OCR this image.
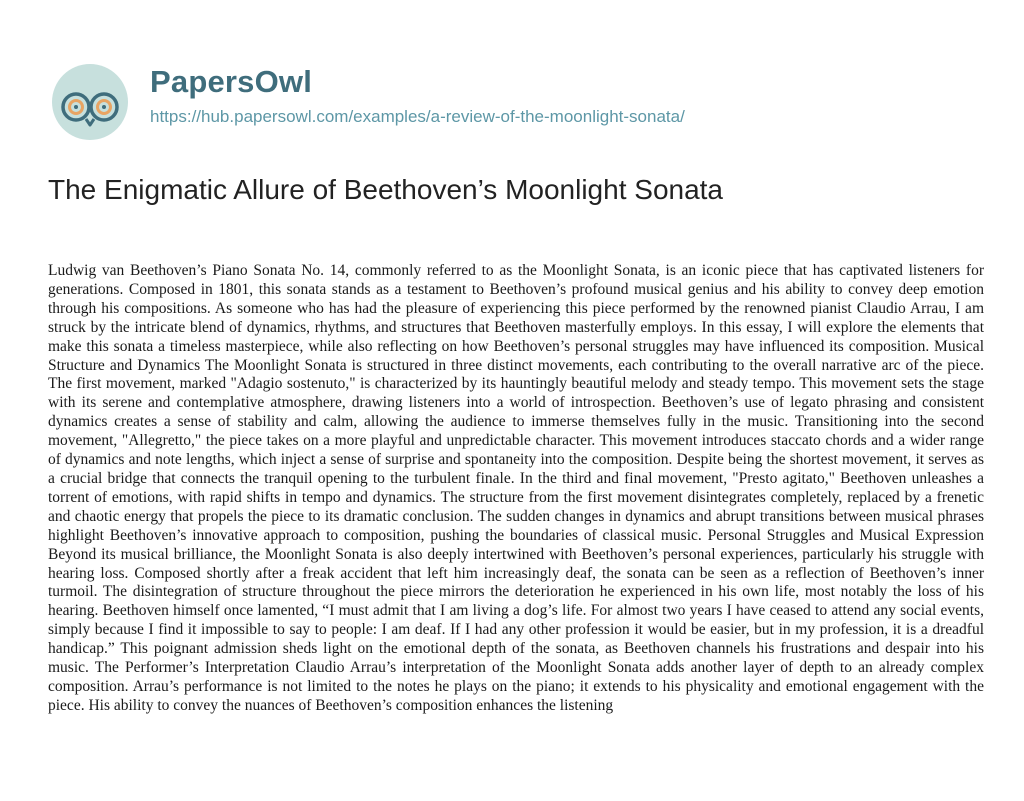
PapersOwl
https://hub.papersowl.com/examples/a-review-of-the-moonlight-sonata/
The Enigmatic Allure of Beethoven’s Moonlight Sonata

Ludwig van Beethoven’s Piano Sonata No. 14, commonly referred to as the Moonlight Sonata, is an iconic piece that has captivated listeners for generations. Composed in 1801, this sonata stands as a testament to Beethoven’s profound musical genius and his ability to convey deep emotion through his compositions. As someone who has had the pleasure of experiencing this piece performed by the renowned pianist Claudio Arrau, I am struck by the intricate blend of dynamics, rhythms, and structures that Beethoven masterfully employs. In this essay, I will explore the elements that make this sonata a timeless masterpiece, while also reflecting on how Beethoven’s personal struggles may have influenced its composition. Musical Structure and Dynamics The Moonlight Sonata is structured in three distinct movements, each contributing to the overall narrative arc of the piece. The first movement, marked "Adagio sostenuto," is characterized by its hauntingly beautiful melody and steady tempo. This movement sets the stage with its serene and contemplative atmosphere, drawing listeners into a world of introspection. Beethoven’s use of legato phrasing and consistent dynamics creates a sense of stability and calm, allowing the audience to immerse themselves fully in the music. Transitioning into the second movement, "Allegretto," the piece takes on a more playful and unpredictable character. This movement introduces staccato chords and a wider range of dynamics and note lengths, which inject a sense of surprise and spontaneity into the composition. Despite being the shortest movement, it serves as a crucial bridge that connects the tranquil opening to the turbulent finale. In the third and final movement, "Presto agitato," Beethoven unleashes a torrent of emotions, with rapid shifts in tempo and dynamics. The structure from the first movement disintegrates completely, replaced by a frenetic and chaotic energy that propels the piece to its dramatic conclusion. The sudden changes in dynamics and abrupt transitions between musical phrases highlight Beethoven’s innovative approach to composition, pushing the boundaries of classical music. Personal Struggles and Musical Expression Beyond its musical brilliance, the Moonlight Sonata is also deeply intertwined with Beethoven’s personal experiences, particularly his struggle with hearing loss. Composed shortly after a freak accident that left him increasingly deaf, the sonata can be seen as a reflection of Beethoven’s inner turmoil. The disintegration of structure throughout the piece mirrors the deterioration he experienced in his own life, most notably the loss of his hearing. Beethoven himself once lamented, “I must admit that I am living a dog’s life. For almost two years I have ceased to attend any social events, simply because I find it impossible to say to people: I am deaf. If I had any other profession it would be easier, but in my profession, it is a dreadful handicap.” This poignant admission sheds light on the emotional depth of the sonata, as Beethoven channels his frustrations and despair into his music. The Performer’s Interpretation Claudio Arrau’s interpretation of the Moonlight Sonata adds another layer of depth to an already complex composition. Arrau’s performance is not limited to the notes he plays on the piano; it extends to his physicality and emotional engagement with the piece. His ability to convey the nuances of Beethoven’s composition enhances the listening
